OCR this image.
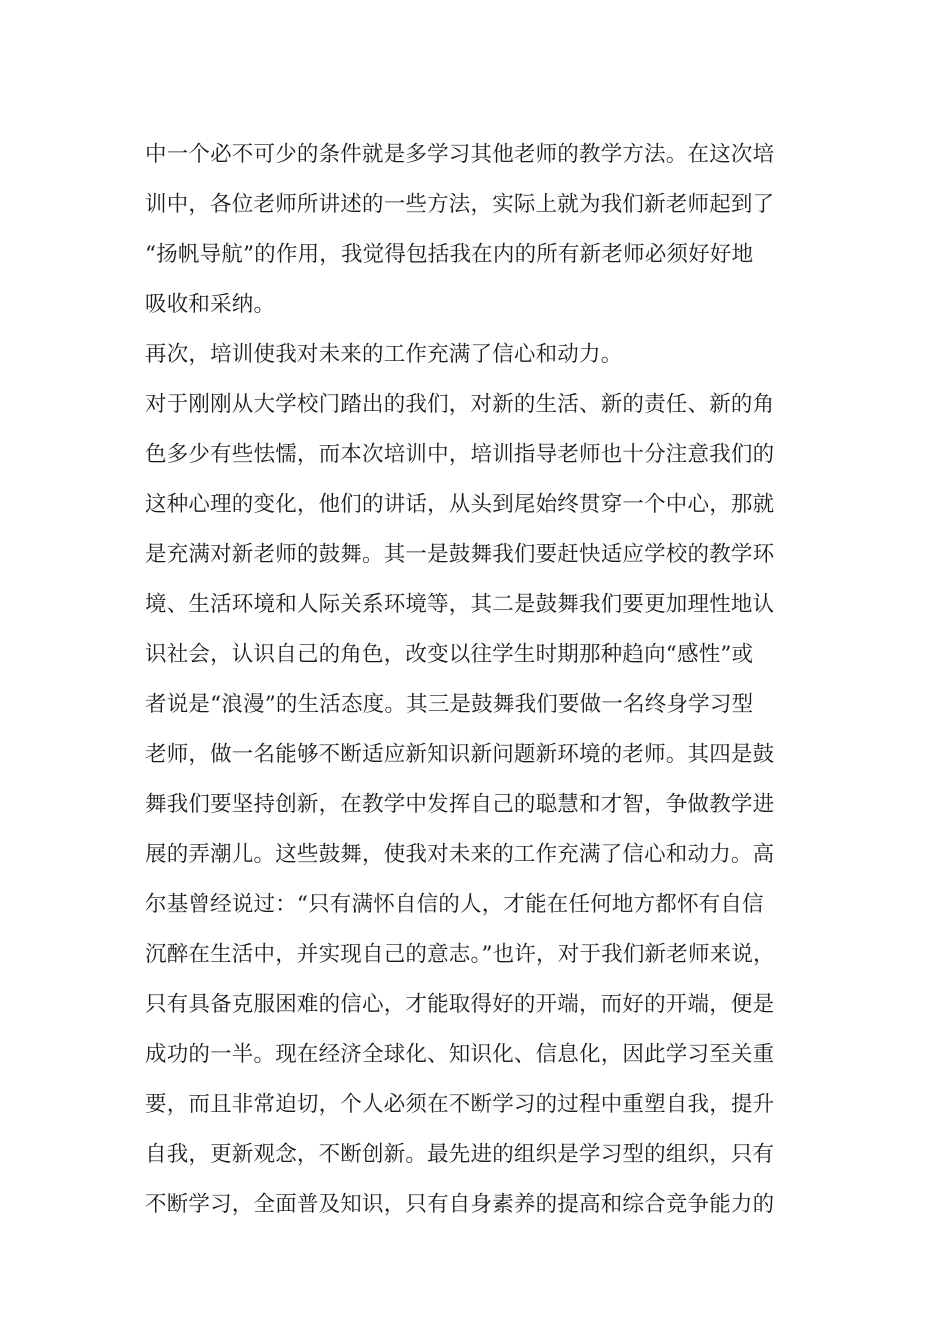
中一个必不可少的条件就是多学习其他老师的教学方法。在这次培
训中，各位老师所讲述的一些方法，实际上就为我们新老师起到了
“扬帆导航”的作用，我觉得包括我在内的所有新老师必须好好地
吸收和采纳。
再次，培训使我对未来的工作充满了信心和动力。
对于刚刚从大学校门踏出的我们，对新的生活、新的责任、新的角
色多少有些怯懦，而本次培训中，培训指导老师也十分注意我们的
这种心理的变化，他们的讲话，从头到尾始终贯穿一个中心，那就
是充满对新老师的鼓舞。其一是鼓舞我们要赶快适应学校的教学环
境、生活环境和人际关系环境等，其二是鼓舞我们要更加理性地认
识社会，认识自己的角色，改变以往学生时期那种趋向“感性”或
者说是“浪漫”的生活态度。其三是鼓舞我们要做一名终身学习型
老师，做一名能够不断适应新知识新问题新环境的老师。其四是鼓
舞我们要坚持创新，在教学中发挥自己的聪慧和才智，争做教学进
展的弄潮儿。这些鼓舞，使我对未来的工作充满了信心和动力。高
尔基曾经说过：“只有满怀自信的人，才能在任何地方都怀有自信
沉醉在生活中，并实现自己的意志。”也许，对于我们新老师来说，
只有具备克服困难的信心，才能取得好的开端，而好的开端，便是
成功的一半。现在经济全球化、知识化、信息化，因此学习至关重
要，而且非常迫切，个人必须在不断学习的过程中重塑自我，提升
自我，更新观念，不断创新。最先进的组织是学习型的组织，只有
不断学习，全面普及知识，只有自身素养的提高和综合竞争能力的
